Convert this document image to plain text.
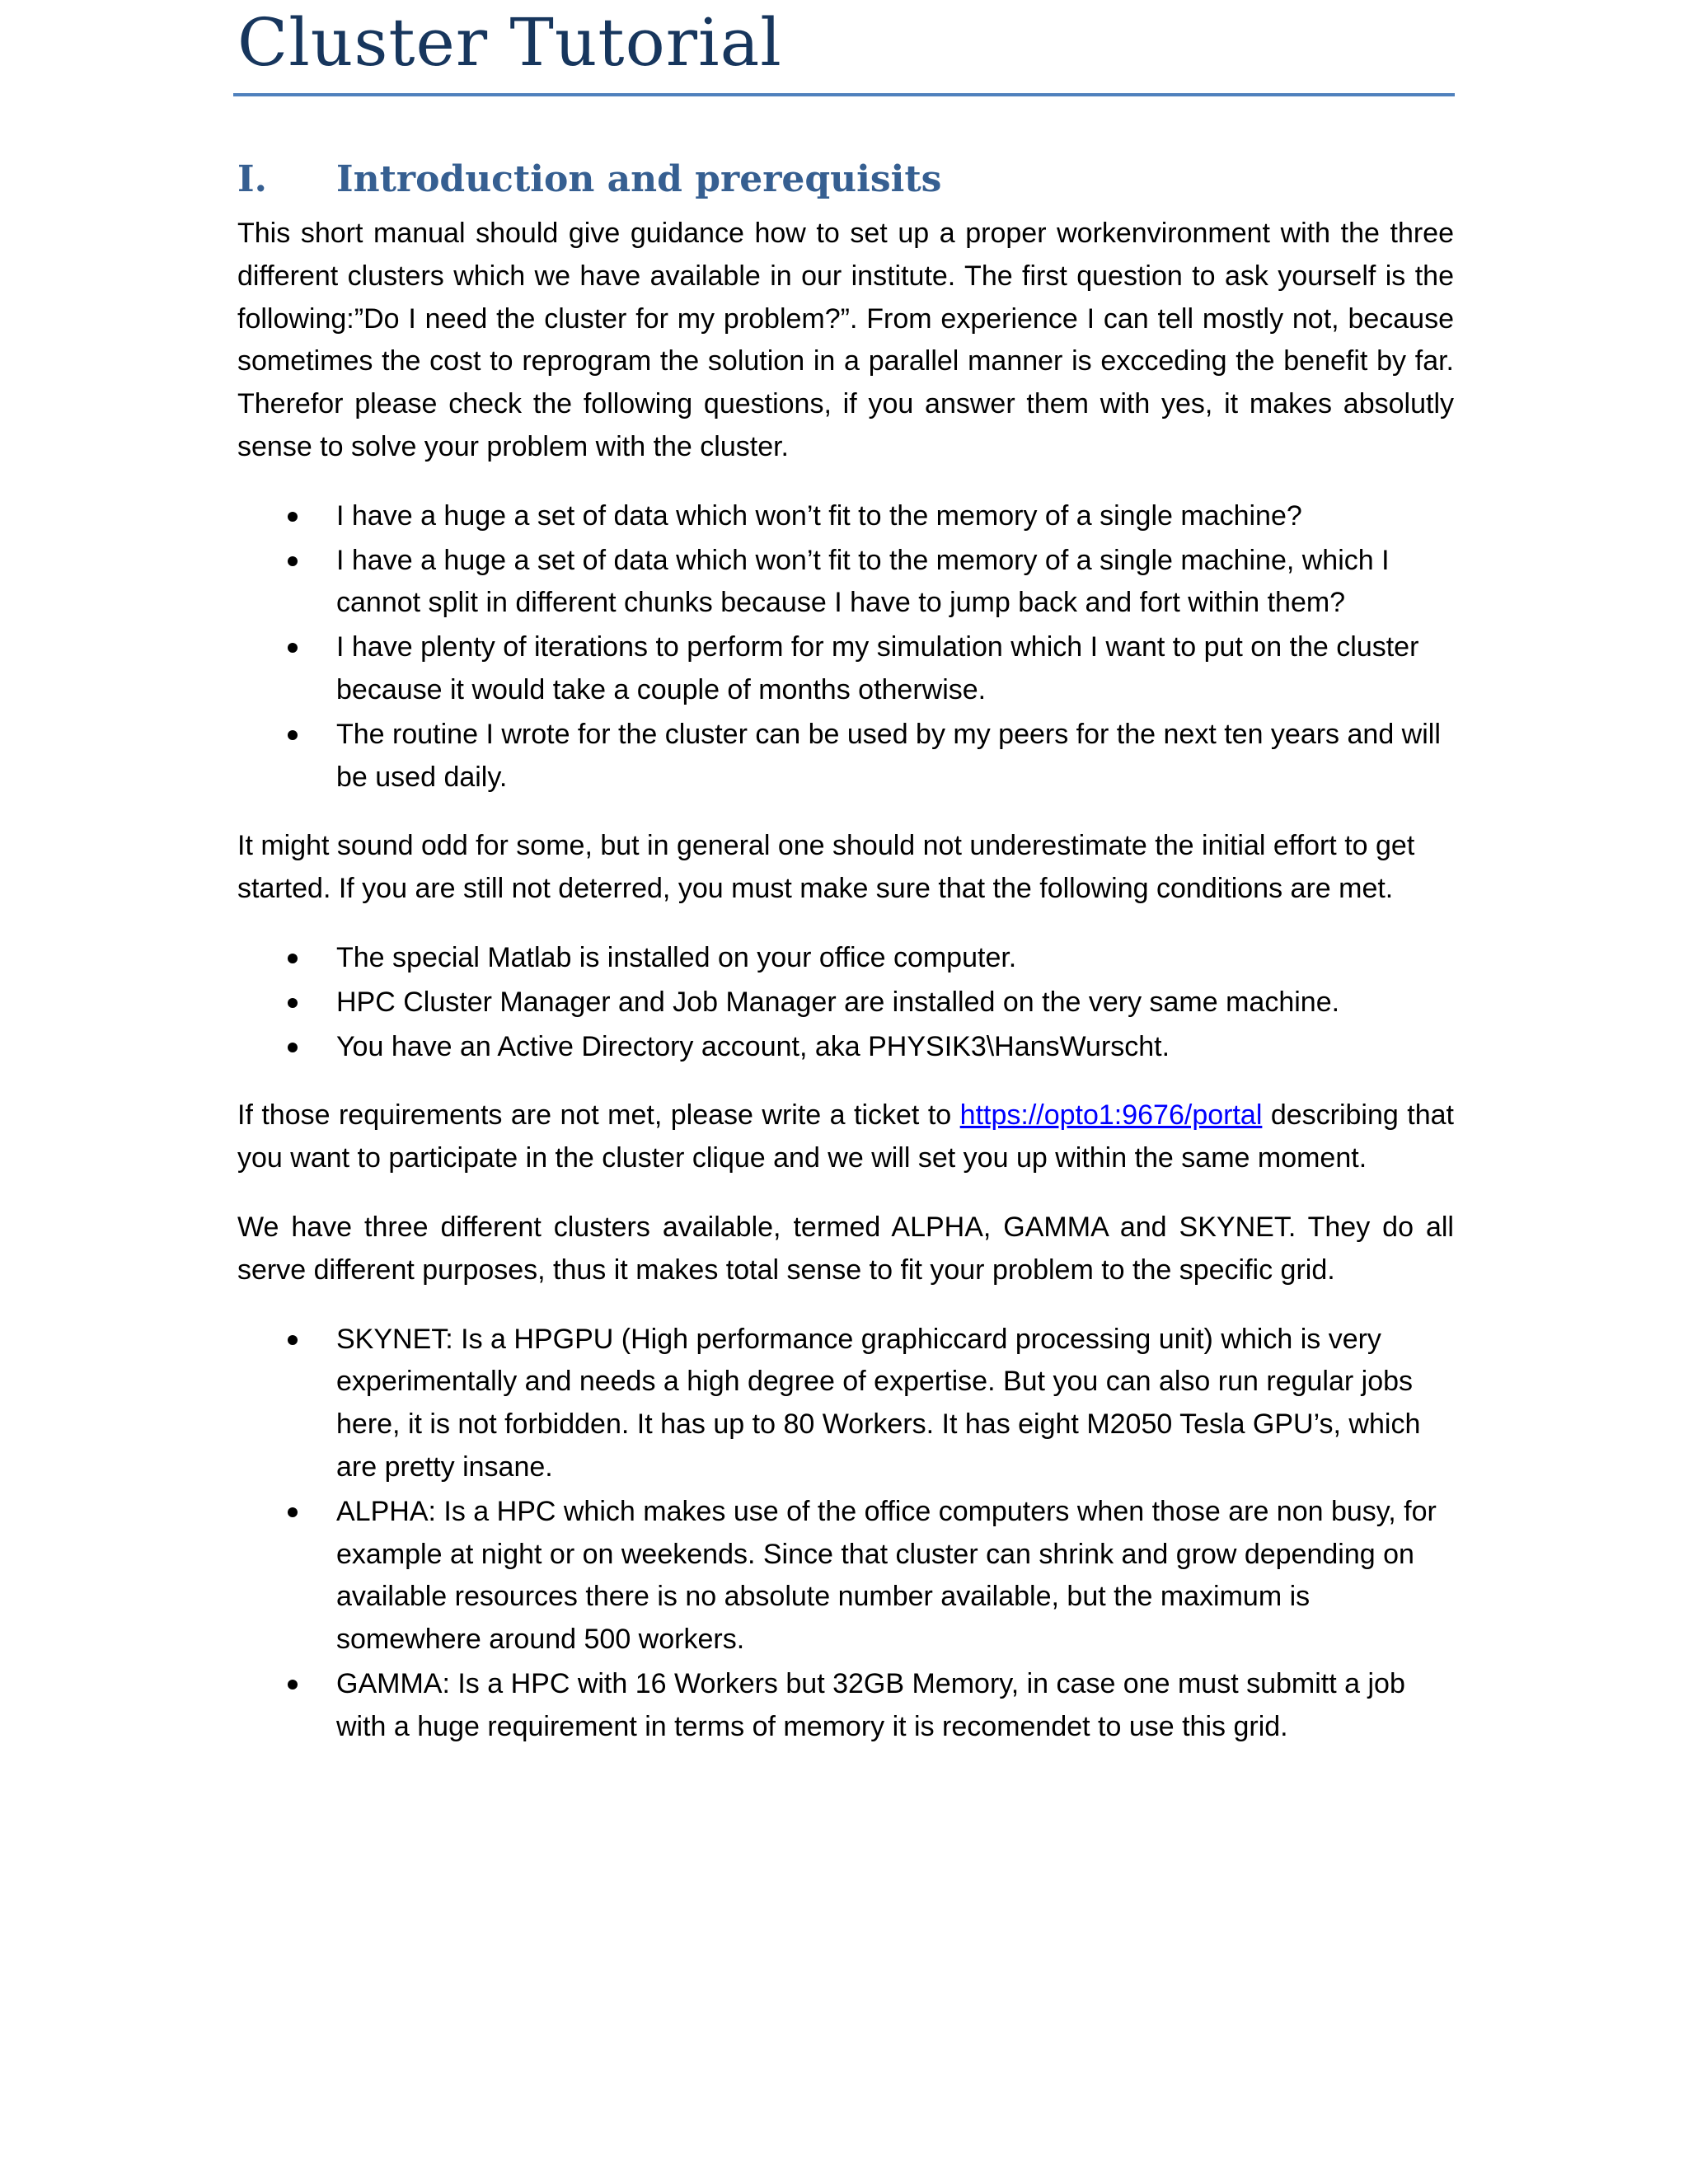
Cluster Tutorial
I.	Introduction and prerequisits

This short manual should give guidance how to set up a proper workenvironment with the three different clusters which we have available in our institute. The first question to ask yourself is the following:”Do I need the cluster for my problem?”. From experience I can tell mostly not, because sometimes the cost to reprogram the solution in a parallel manner is excceding the benefit by far. Therefor please check the following questions, if you answer them with yes, it makes absolutly sense to solve your problem with the cluster.

I have a huge a set of data which won’t fit to the memory of a single machine?
I have a huge a set of data which won’t fit to the memory of a single machine, which I cannot split in different chunks because I have to jump back and fort within them?
I have plenty of iterations to perform for my simulation which I want to put on the cluster because it would take a couple of months otherwise.
The routine I wrote for the cluster can be used by my peers for the next ten years and will be used daily.

It might sound odd for some, but in general one should not underestimate the initial effort to get started. If you are still not deterred, you must make sure that the following conditions are met.

The special Matlab is installed on your office computer.
HPC Cluster Manager and Job Manager are installed on the very same machine.
You have an Active Directory account, aka PHYSIK3\HansWurscht.

If those requirements are not met, please write a ticket to https://opto1:9676/portal describing that you want to participate in the cluster clique and we will set you up within the same moment.

We have three different clusters available, termed ALPHA, GAMMA and SKYNET. They do all serve different purposes, thus it makes total sense to fit your problem to the specific grid.

SKYNET: Is a HPGPU (High performance graphiccard processing unit) which is very experimentally and needs a high degree of expertise. But you can also run regular jobs here, it is not forbidden. It has up to 80 Workers. It has eight M2050 Tesla GPU’s, which are pretty insane.
ALPHA: Is a HPC which makes use of the office computers when those are non busy, for example at night or on weekends. Since that cluster can shrink and grow depending on available resources there is no absolute number available, but the maximum is somewhere around 500 workers.
GAMMA: Is a HPC with 16 Workers but 32GB Memory, in case one must submitt a job with a huge requirement in terms of memory it is recomendet to use this grid.
